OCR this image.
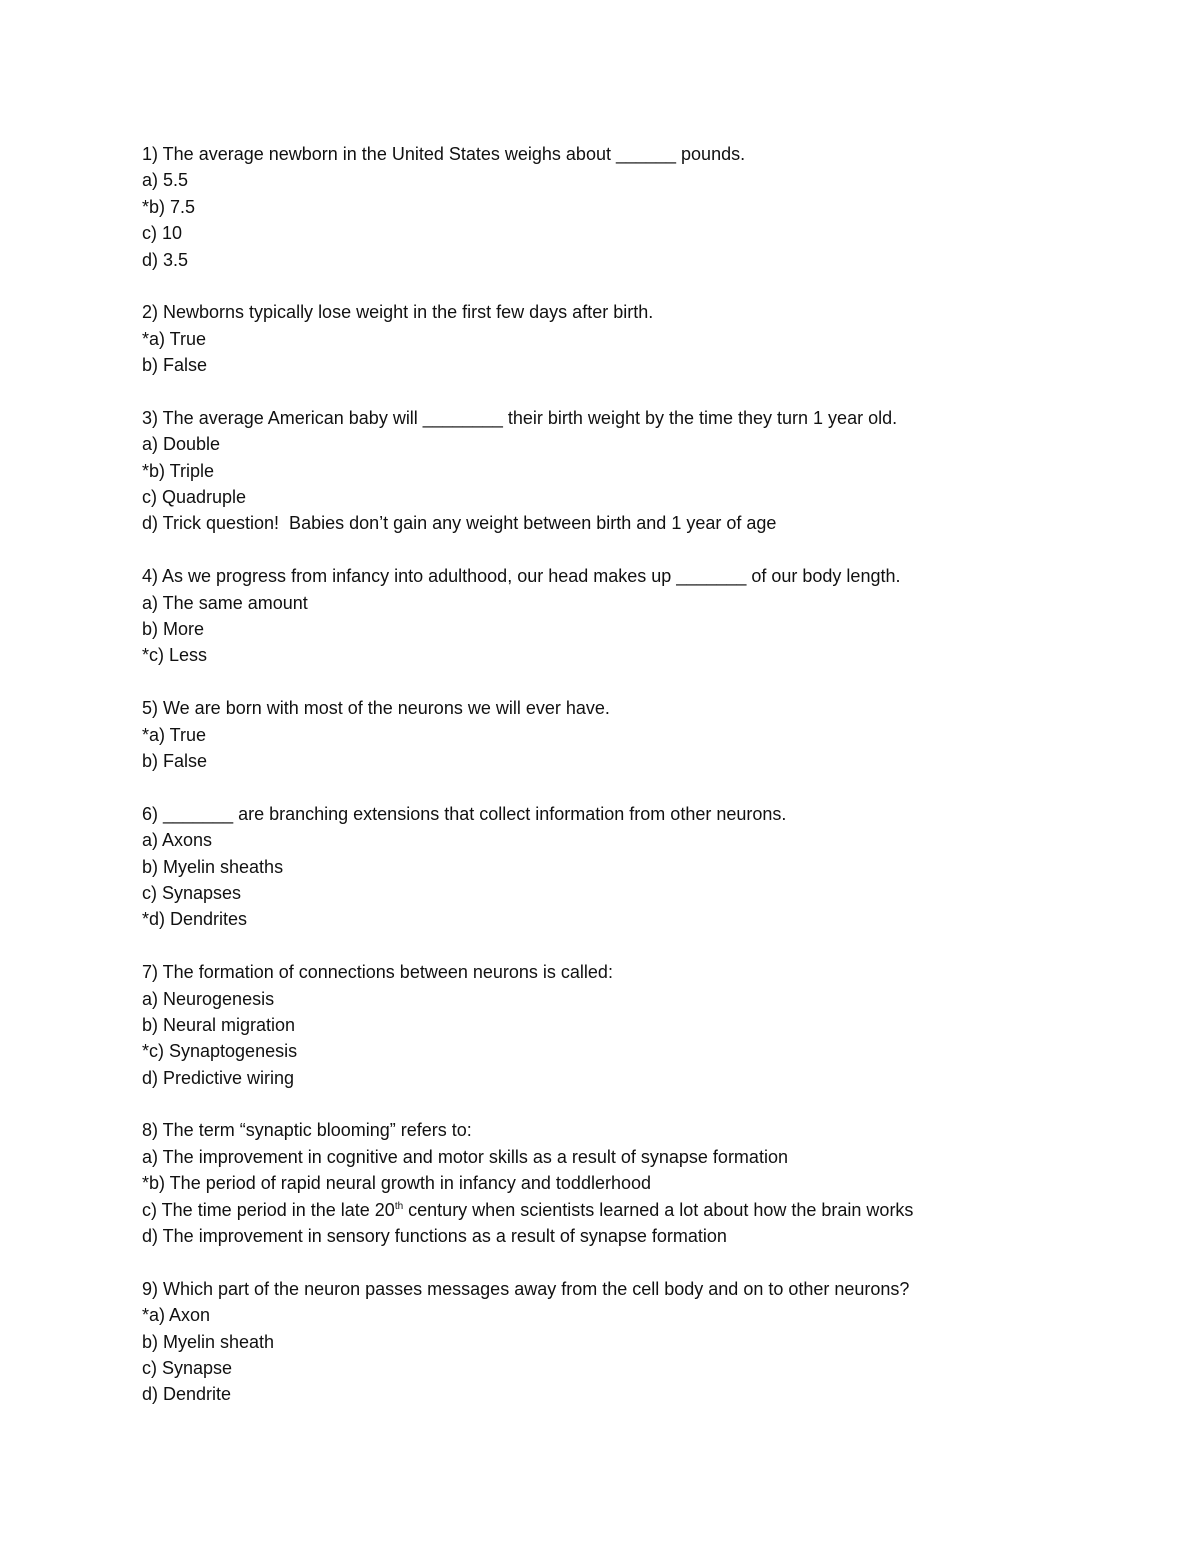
1) The average newborn in the United States weighs about ______ pounds.
a) 5.5
*b) 7.5
c) 10
d) 3.5
2) Newborns typically lose weight in the first few days after birth.
*a) True
b) False
3) The average American baby will ________ their birth weight by the time they turn 1 year old.
a) Double
*b) Triple
c) Quadruple
d) Trick question!  Babies don’t gain any weight between birth and 1 year of age
4) As we progress from infancy into adulthood, our head makes up _______ of our body length.
a) The same amount
b) More
*c) Less
5) We are born with most of the neurons we will ever have.
*a) True
b) False
6) _______ are branching extensions that collect information from other neurons.
a) Axons
b) Myelin sheaths
c) Synapses
*d) Dendrites
7) The formation of connections between neurons is called:
a) Neurogenesis
b) Neural migration
*c) Synaptogenesis
d) Predictive wiring
8) The term “synaptic blooming” refers to:
a) The improvement in cognitive and motor skills as a result of synapse formation
*b) The period of rapid neural growth in infancy and toddlerhood
c) The time period in the late 20th century when scientists learned a lot about how the brain works
d) The improvement in sensory functions as a result of synapse formation
9) Which part of the neuron passes messages away from the cell body and on to other neurons?
*a) Axon
b) Myelin sheath
c) Synapse
d) Dendrite
